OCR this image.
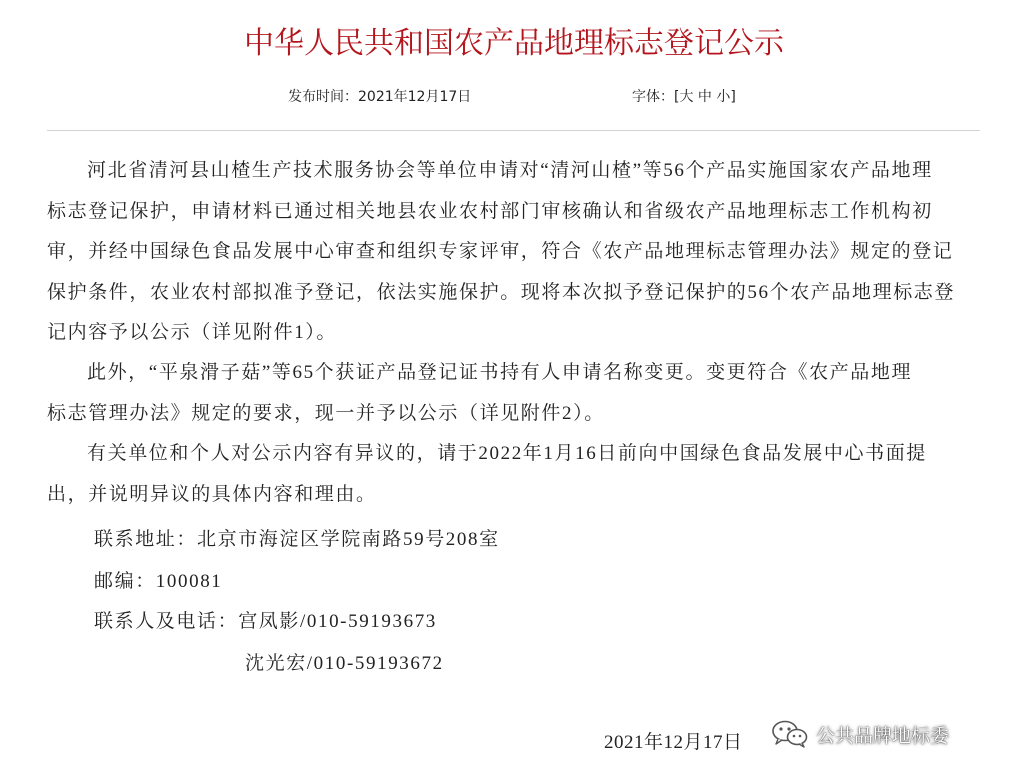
中华人民共和国农产品地理标志登记公示
发布时间：2021年12月17日	字体：[大 中 小]
河北省清河县山楂生产技术服务协会等单位申请对“清河山楂”等56个产品实施国家农产品地理
标志登记保护，申请材料已通过相关地县农业农村部门审核确认和省级农产品地理标志工作机构初
审，并经中国绿色食品发展中心审查和组织专家评审，符合《农产品地理标志管理办法》规定的登记
保护条件，农业农村部拟准予登记，依法实施保护。现将本次拟予登记保护的56个农产品地理标志登
记内容予以公示（详见附件1）。
此外，“平泉滑子菇”等65个获证产品登记证书持有人申请名称变更。变更符合《农产品地理
标志管理办法》规定的要求，现一并予以公示（详见附件2）。
有关单位和个人对公示内容有异议的，请于2022年1月16日前向中国绿色食品发展中心书面提
出，并说明异议的具体内容和理由。
联系地址：北京市海淀区学院南路59号208室
邮编：100081
联系人及电话：宫凤影/010-59193673
沈光宏/010-59193672
2021年12月17日	公共品牌地标委
